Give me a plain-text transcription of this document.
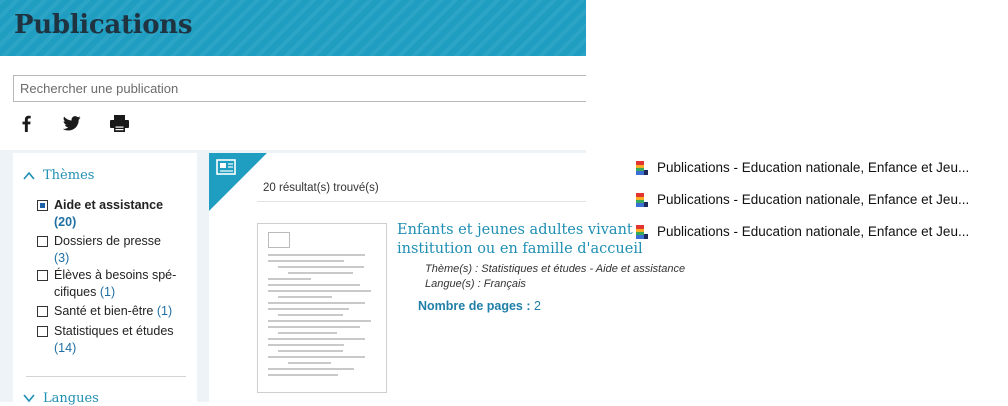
Publications
Rechercher une publication
Thèmes
Aide et assistance
(20)
Dossiers de presse
(3)
Élèves à besoins spé-
cifiques (1)
Santé et bien-être (1)
Statistiques et études
(14)
Langues
20 résultat(s) trouvé(s)
Enfants et jeunes adultes vivant
institution ou en famille d'accueil
Thème(s) : Statistiques et études - Aide et assistance
Langue(s) : Français
Nombre de pages : 2
Publications - Education nationale, Enfance et Jeu...
Publications - Education nationale, Enfance et Jeu...
Publications - Education nationale, Enfance et Jeu...
